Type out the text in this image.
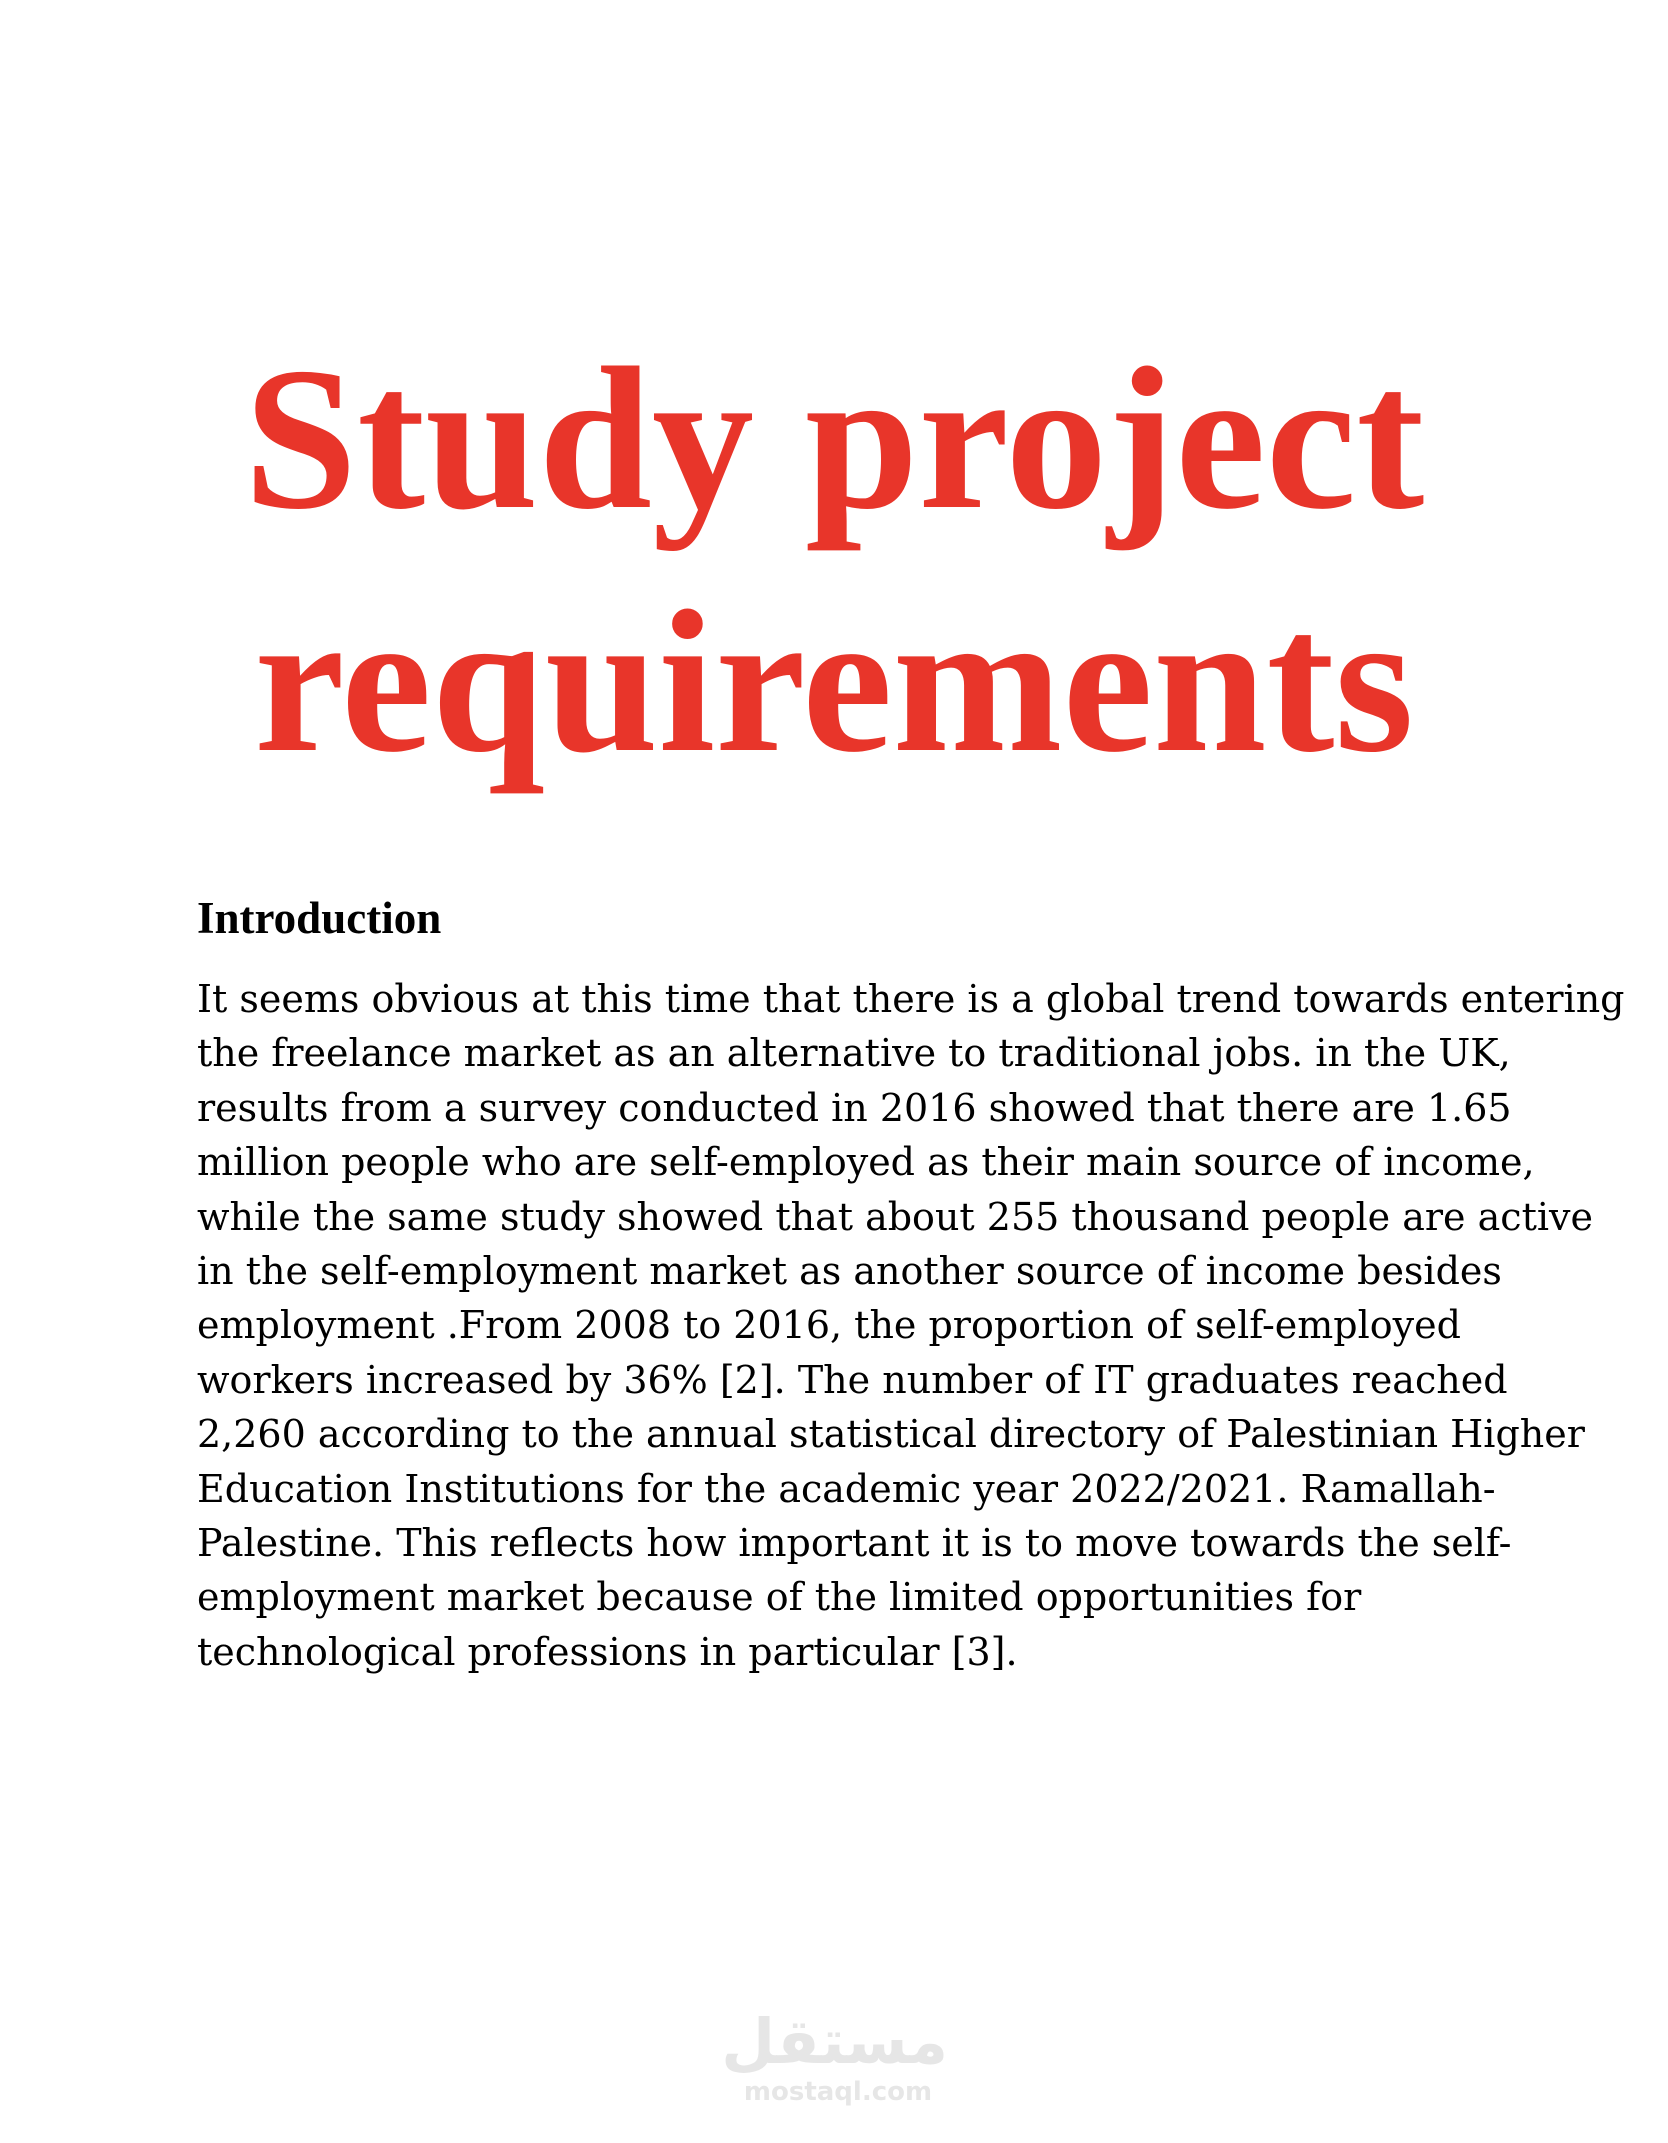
Study project
requirements
Introduction

It seems obvious at this time that there is a global trend towards entering
the freelance market as an alternative to traditional jobs. in the UK,
results from a survey conducted in 2016 showed that there are 1.65
million people who are self-employed as their main source of income,
while the same study showed that about 255 thousand people are active
in the self-employment market as another source of income besides
employment .From 2008 to 2016, the proportion of self-employed
workers increased by 36% [2]. The number of IT graduates reached
2,260 according to the annual statistical directory of Palestinian Higher
Education Institutions for the academic year 2022/2021. Ramallah-
Palestine. This reflects how important it is to move towards the self-
employment market because of the limited opportunities for
technological professions in particular [3].

مستقل
mostaql.com
